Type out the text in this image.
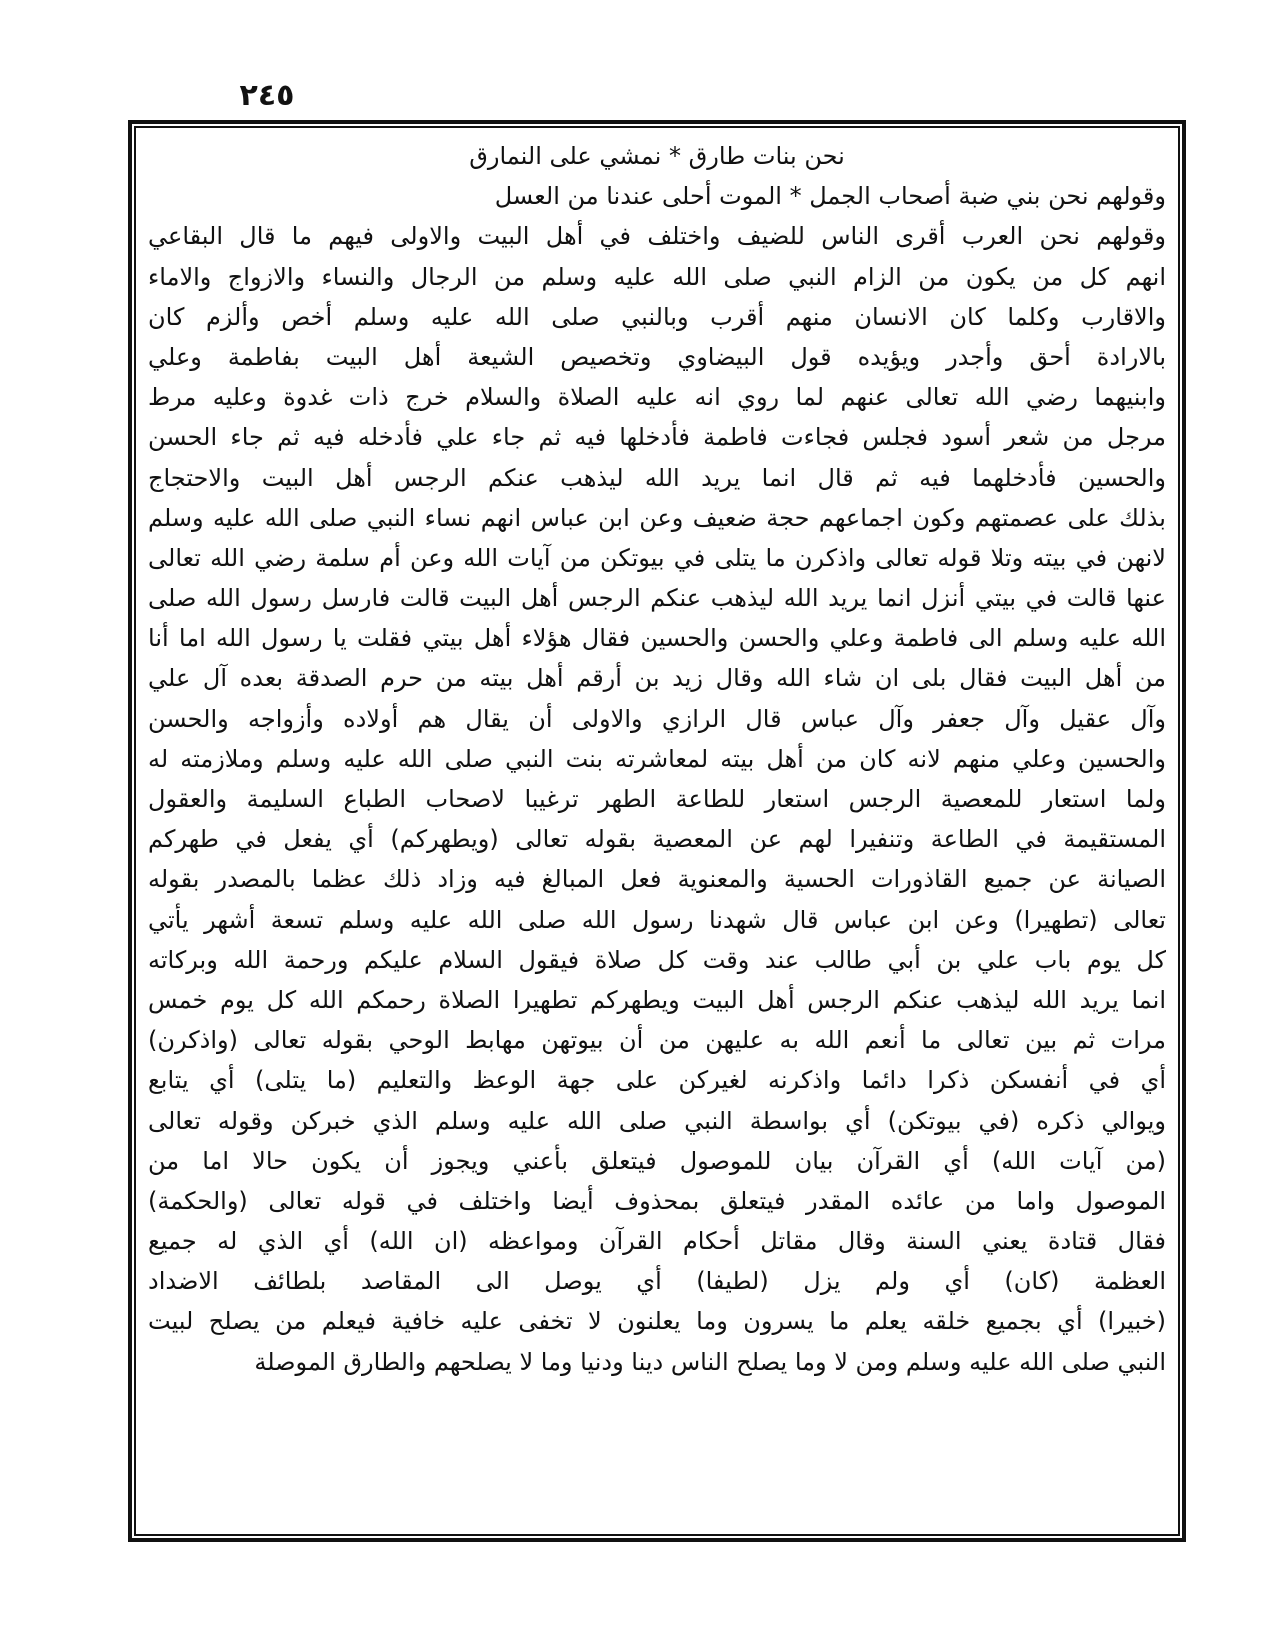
٢٤٥
نحن بنات طارق * نمشي على النمارق
وقولهم نحن بني ضبة أصحاب الجمل * الموت أحلى عندنا من العسل
وقولهم نحن العرب أقرى الناس للضيف واختلف في أهل البيت والاولى فيهم ما قال البقاعي
انهم كل من يكون من الزام النبي صلى الله عليه وسلم من الرجال والنساء والازواج والاماء
والاقارب وكلما كان الانسان منهم أقرب وبالنبي صلى الله عليه وسلم أخص وألزم كان
بالارادة أحق وأجدر ويؤيده قول البيضاوي وتخصيص الشيعة أهل البيت بفاطمة وعلي
وابنيهما رضي الله تعالى عنهم لما روي انه عليه الصلاة والسلام خرج ذات غدوة وعليه مرط
مرجل من شعر أسود فجلس فجاءت فاطمة فأدخلها فيه ثم جاء علي فأدخله فيه ثم جاء الحسن
والحسين فأدخلهما فيه ثم قال انما يريد الله ليذهب عنكم الرجس أهل البيت والاحتجاج
بذلك على عصمتهم وكون اجماعهم حجة ضعيف وعن ابن عباس انهم نساء النبي صلى الله عليه وسلم
لانهن في بيته وتلا قوله تعالى واذكرن ما يتلى في بيوتكن من آيات الله وعن أم سلمة رضي الله تعالى
عنها قالت في بيتي أنزل انما يريد الله ليذهب عنكم الرجس أهل البيت قالت فارسل رسول الله صلى
الله عليه وسلم الى فاطمة وعلي والحسن والحسين فقال هؤلاء أهل بيتي فقلت يا رسول الله اما أنا
من أهل البيت فقال بلى ان شاء الله وقال زيد بن أرقم أهل بيته من حرم الصدقة بعده آل علي
وآل عقيل وآل جعفر وآل عباس قال الرازي والاولى أن يقال هم أولاده وأزواجه والحسن
والحسين وعلي منهم لانه كان من أهل بيته لمعاشرته بنت النبي صلى الله عليه وسلم وملازمته له
ولما استعار للمعصية الرجس استعار للطاعة الطهر ترغيبا لاصحاب الطباع السليمة والعقول
المستقيمة في الطاعة وتنفيرا لهم عن المعصية بقوله تعالى (ويطهركم) أي يفعل في طهركم
الصيانة عن جميع القاذورات الحسية والمعنوية فعل المبالغ فيه وزاد ذلك عظما بالمصدر بقوله
تعالى (تطهيرا) وعن ابن عباس قال شهدنا رسول الله صلى الله عليه وسلم تسعة أشهر يأتي
كل يوم باب علي بن أبي طالب عند وقت كل صلاة فيقول السلام عليكم ورحمة الله وبركاته
انما يريد الله ليذهب عنكم الرجس أهل البيت ويطهركم تطهيرا الصلاة رحمكم الله كل يوم خمس
مرات ثم بين تعالى ما أنعم الله به عليهن من أن بيوتهن مهابط الوحي بقوله تعالى (واذكرن)
أي في أنفسكن ذكرا دائما واذكرنه لغيركن على جهة الوعظ والتعليم (ما يتلى) أي يتابع
ويوالي ذكره (في بيوتكن) أي بواسطة النبي صلى الله عليه وسلم الذي خبركن وقوله تعالى
(من آيات الله) أي القرآن بيان للموصول فيتعلق بأعني ويجوز أن يكون حالا اما من
الموصول واما من عائده المقدر فيتعلق بمحذوف أيضا واختلف في قوله تعالى (والحكمة)
فقال قتادة يعني السنة وقال مقاتل أحكام القرآن ومواعظه (ان الله) أي الذي له جميع
العظمة (كان) أي ولم يزل (لطيفا) أي يوصل الى المقاصد بلطائف الاضداد
(خبيرا) أي بجميع خلقه يعلم ما يسرون وما يعلنون لا تخفى عليه خافية فيعلم من يصلح لبيت
النبي صلى الله عليه وسلم ومن لا وما يصلح الناس دينا ودنيا وما لا يصلحهم والطارق الموصلة
